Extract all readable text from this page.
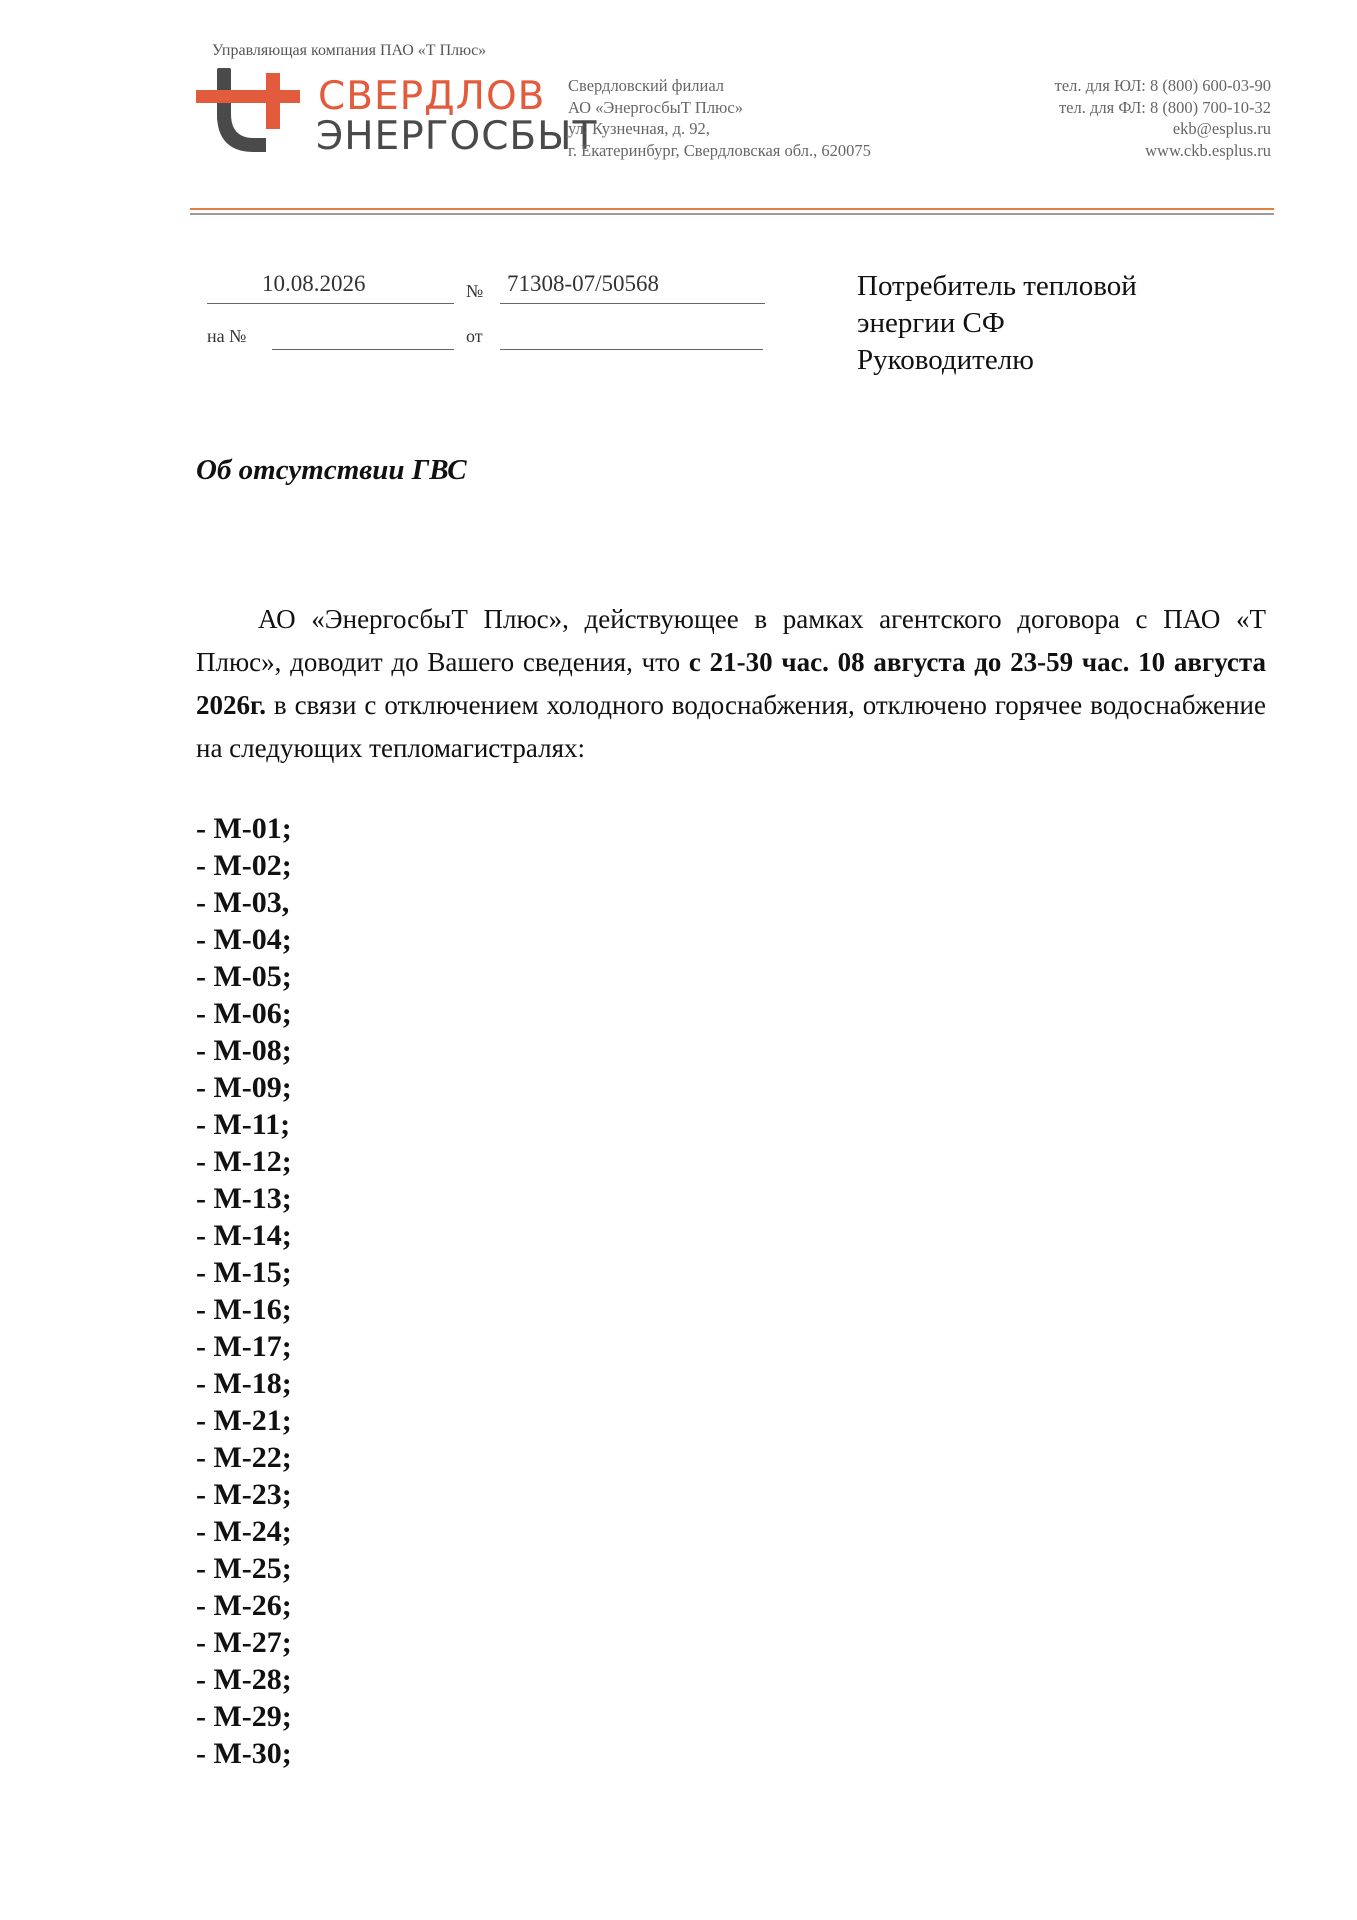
Управляющая компания ПАО «Т Плюс»
СВЕРДЛОВ
ЭНЕРГОСБЫТ
Свердловский филиал
АО «ЭнергосбыТ Плюс»
ул. Кузнечная, д. 92,
г. Екатеринбург, Свердловская обл., 620075
тел. для ЮЛ: 8 (800) 600-03-90
тел. для ФЛ: 8 (800) 700-10-32
ekb@esplus.ru
www.ckb.esplus.ru
10.08.2026	№ 71308-07/50568
на №	от
Потребитель тепловой
энергии СФ
Руководителю
Об отсутствии ГВС

АО «ЭнергосбыТ Плюс», действующее в рамках агентского договора с ПАО «Т Плюс», доводит до Вашего сведения, что с 21-30 час. 08 августа до 23-59 час. 10 августа 2026г. в связи с отключением холодного водоснабжения, отключено горячее водоснабжение на следующих тепломагистралях:

- М-01;
- М-02;
- М-03,
- М-04;
- М-05;
- М-06;
- М-08;
- М-09;
- М-11;
- М-12;
- М-13;
- М-14;
- М-15;
- М-16;
- М-17;
- М-18;
- М-21;
- М-22;
- М-23;
- М-24;
- М-25;
- М-26;
- М-27;
- М-28;
- М-29;
- М-30;
